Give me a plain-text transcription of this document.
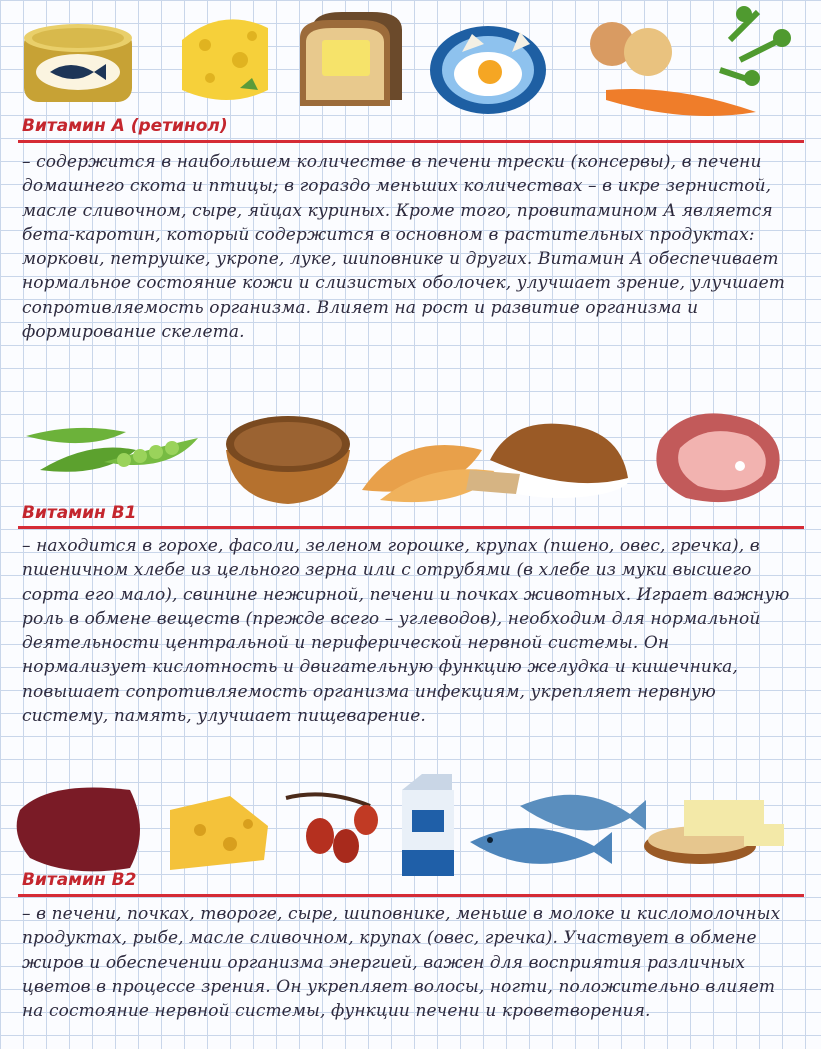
Витамин А (ретинол)
– содержится в наибольшем количестве в печени трески (консервы), в печени домашнего скота и птицы; в гораздо меньших количествах – в икре зернистой, масле сливочном, сыре, яйцах куриных. Кроме того, провитамином А является бета-каротин, который содержится в основном в растительных продуктах: моркови, петрушке, укропе, луке, шиповнике и других. Витамин А обеспечивает нормальное состояние кожи и слизистых оболочек, улучшает зрение, улучшает сопротивляемость организма. Влияет на рост и развитие организма и формирование скелета.
Витамин В1
– находится в горохе, фасоли, зеленом горошке, крупах (пшено, овес, гречка), в пшеничном хлебе из цельного зерна или с отрубями (в хлебе из муки высшего сорта его мало), свинине нежирной, печени и почках животных. Играет важную роль в обмене веществ (прежде всего – углеводов), необходим для нормальной деятельности центральной и периферической нервной системы. Он нормализует кислотность и двигательную функцию желудка и кишечника, повышает сопротивляемость организма инфекциям, укрепляет нервную систему, память, улучшает пищеварение.
Витамин В2
– в печени, почках, твороге, сыре, шиповнике, меньше в молоке и кисломолочных продуктах, рыбе, масле сливочном, крупах (овес, гречка). Участвует в обмене жиров и обеспечении организма энергией, важен для восприятия различных цветов в процессе зрения. Он укрепляет волосы, ногти, положительно влияет на состояние нервной системы, функции печени и кроветворения.
